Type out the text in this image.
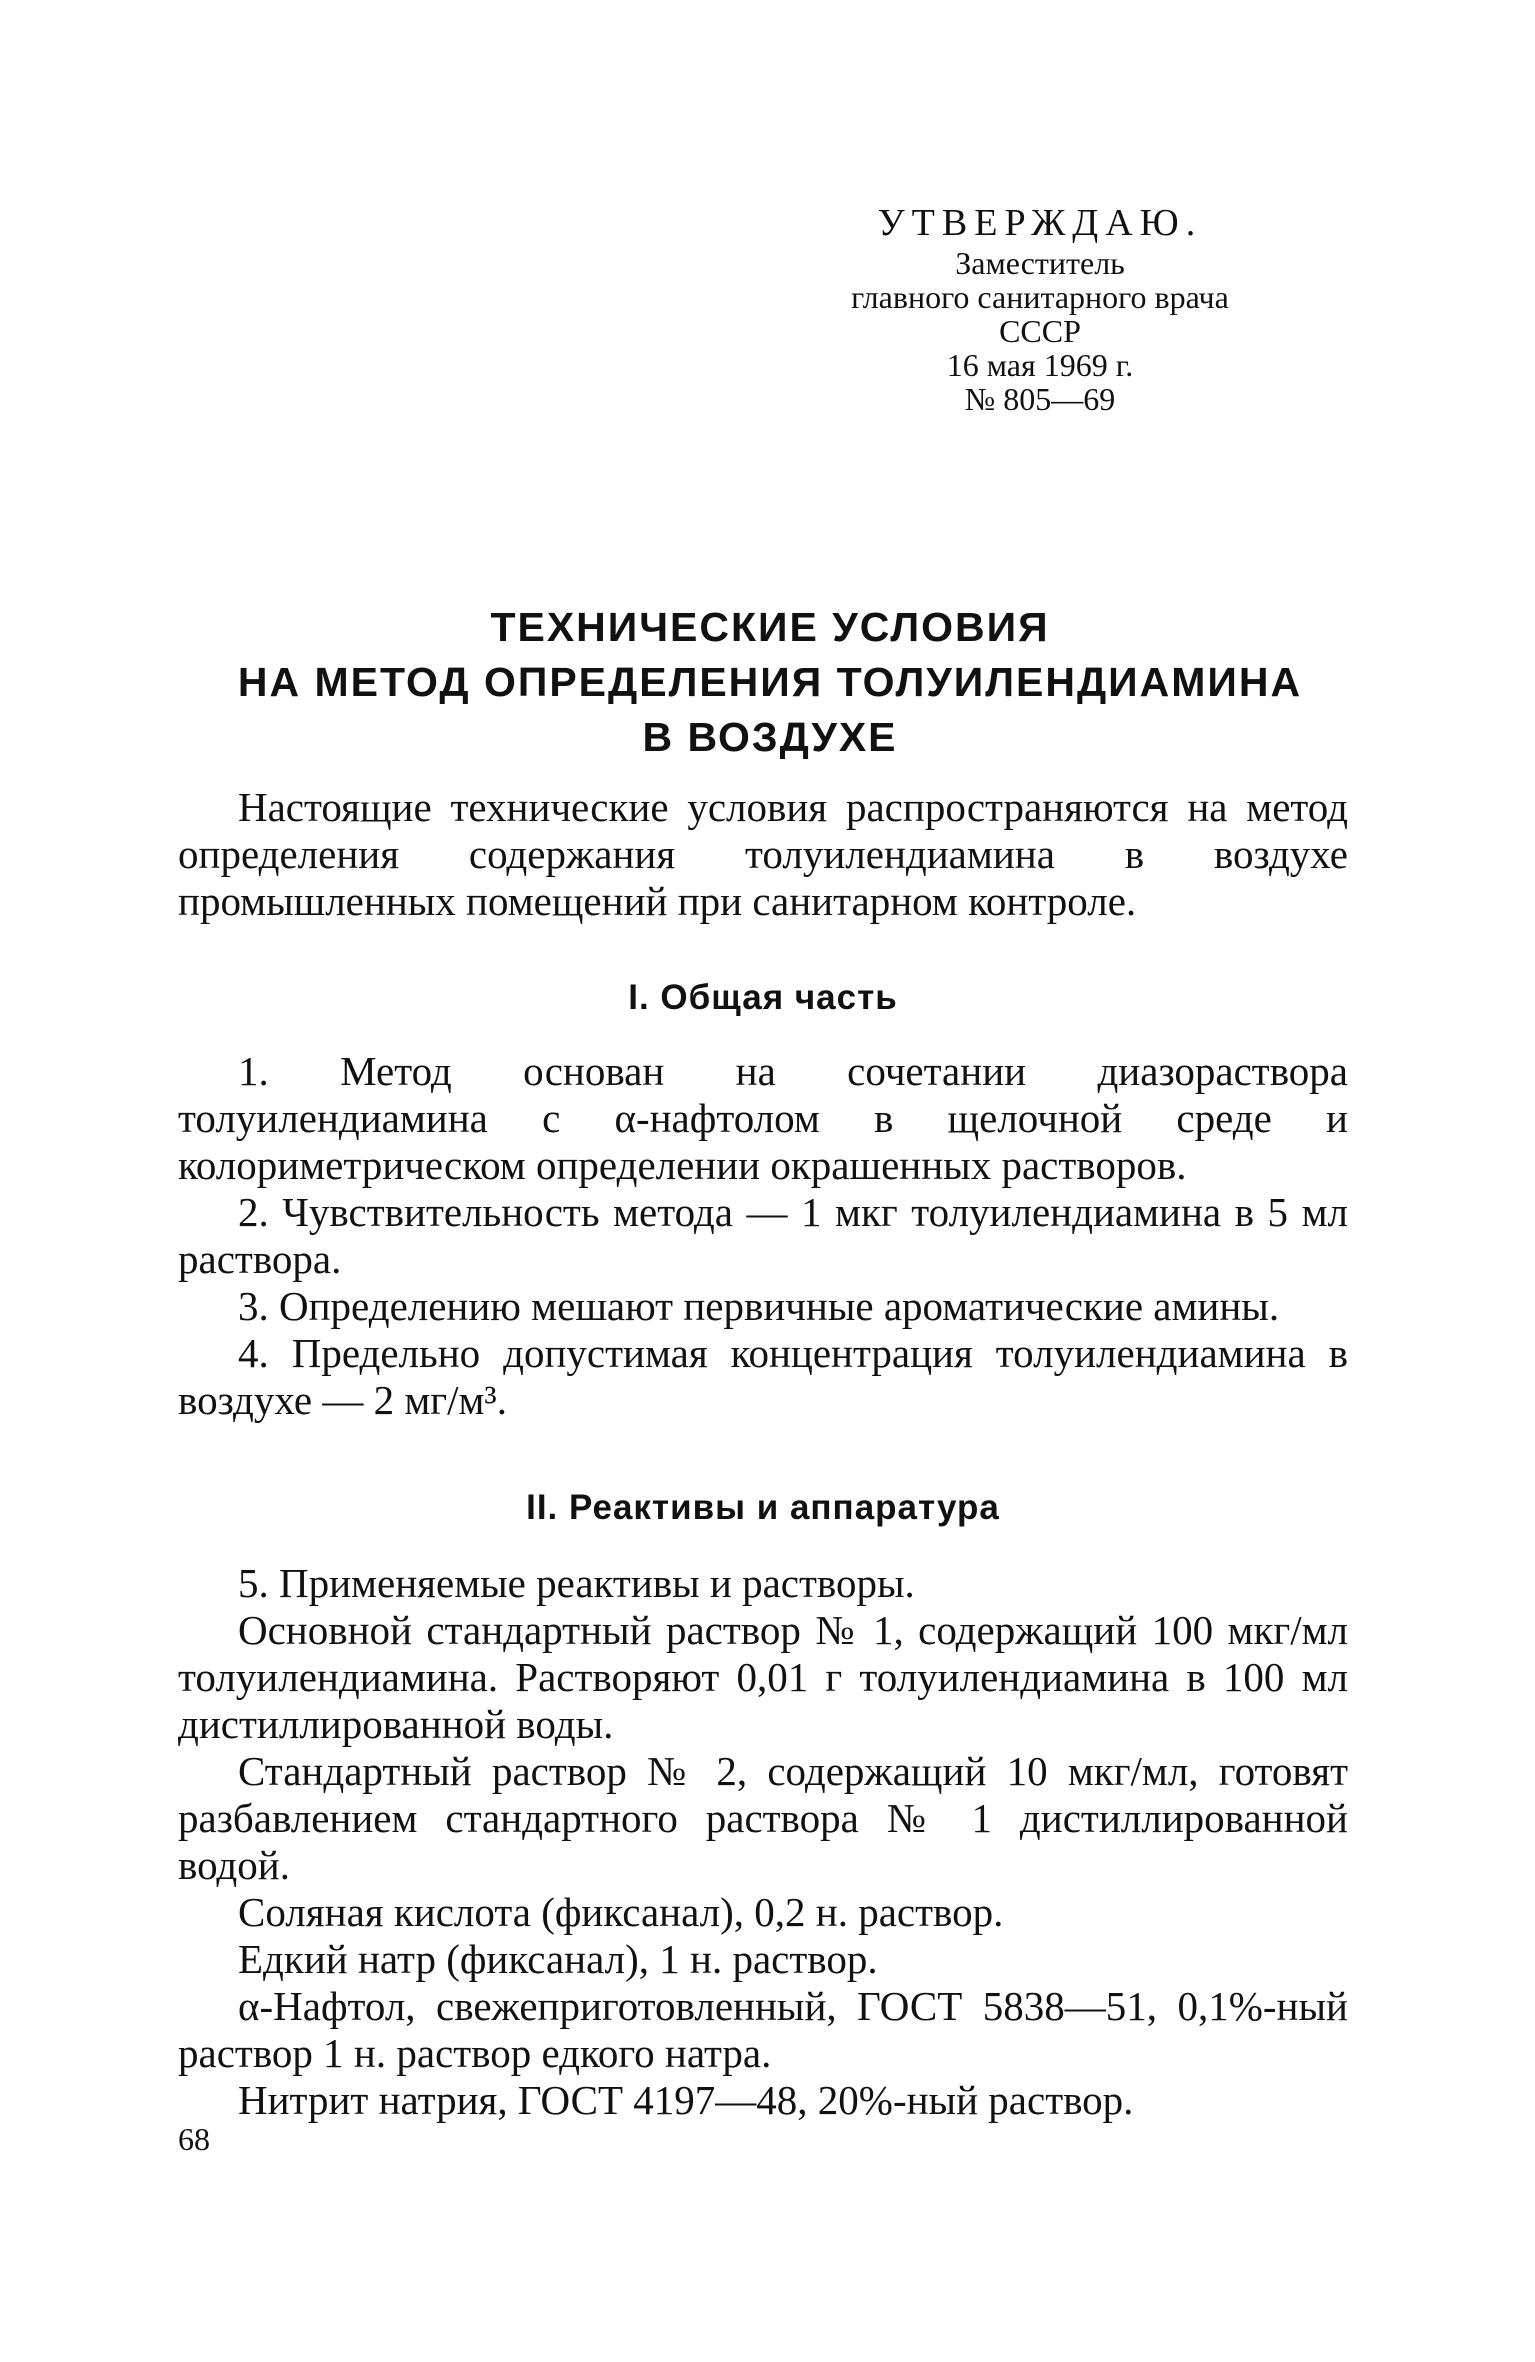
УТВЕРЖДАЮ.
Заместитель
главного санитарного врача
СССР
16 мая 1969 г.
№ 805—69
ТЕХНИЧЕСКИЕ УСЛОВИЯ
НА МЕТОД ОПРЕДЕЛЕНИЯ ТОЛУИЛЕНДИАМИНА
В ВОЗДУХЕ

Настоящие технические условия распространяются на метод определения содержания толуилендиамина в воздухе промышленных помещений при санитарном контроле.

I. Общая часть

1. Метод основан на сочетании диазораствора толуилендиамина с α-нафтолом в щелочной среде и колориметрическом определении окрашенных растворов.

2. Чувствительность метода — 1 мкг толуилендиамина в 5 мл раствора.

3. Определению мешают первичные ароматические амины.

4. Предельно допустимая концентрация толуилендиамина в воздухе — 2 мг/м³.

II. Реактивы и аппаратура

5. Применяемые реактивы и растворы.

Основной стандартный раствор № 1, содержащий 100 мкг/мл толуилендиамина. Растворяют 0,01 г толуилендиамина в 100 мл дистиллированной воды.

Стандартный раствор № 2, содержащий 10 мкг/мл, готовят разбавлением стандартного раствора № 1 дистиллированной водой.

Соляная кислота (фиксанал), 0,2 н. раствор.

Едкий натр (фиксанал), 1 н. раствор.

α-Нафтол, свежеприготовленный, ГОСТ 5838—51, 0,1%-ный раствор 1 н. раствор едкого натра.

Нитрит натрия, ГОСТ 4197—48, 20%-ный раствор.

68
